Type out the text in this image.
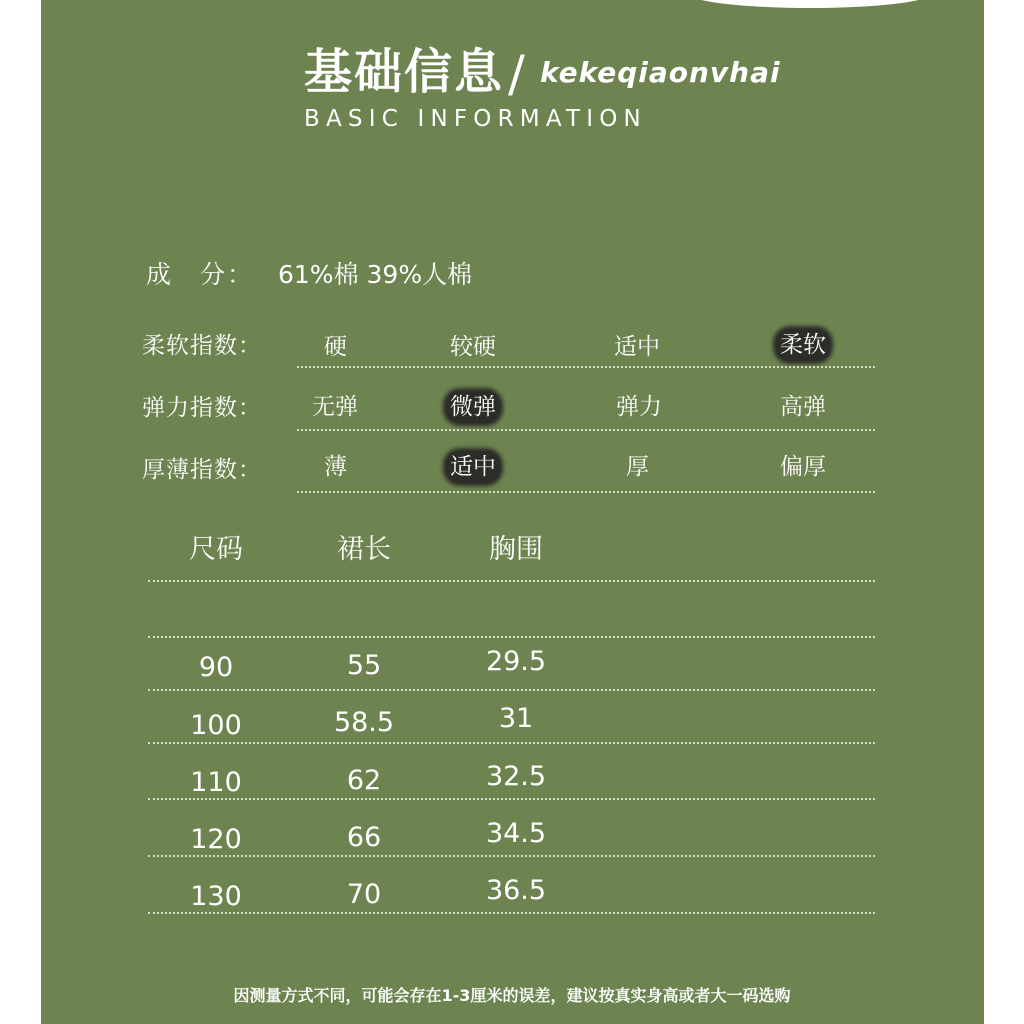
基础信息 / kekeqiaonvhai
BASIC INFORMATION
成　分： 61%棉 39%人棉
柔软指数：	硬	较硬	适中	柔软
弹力指数： 无弹	微弹	弹力	高弹
厚薄指数：	薄	适中	厚	偏厚
尺码	裙长	胸围
90	55	29.5
100	58.5	31
110	62	32.5
120	66	34.5
130	70	36.5
因测量方式不同，可能会存在1-3厘米的误差，建议按真实身高或者大一码选购
